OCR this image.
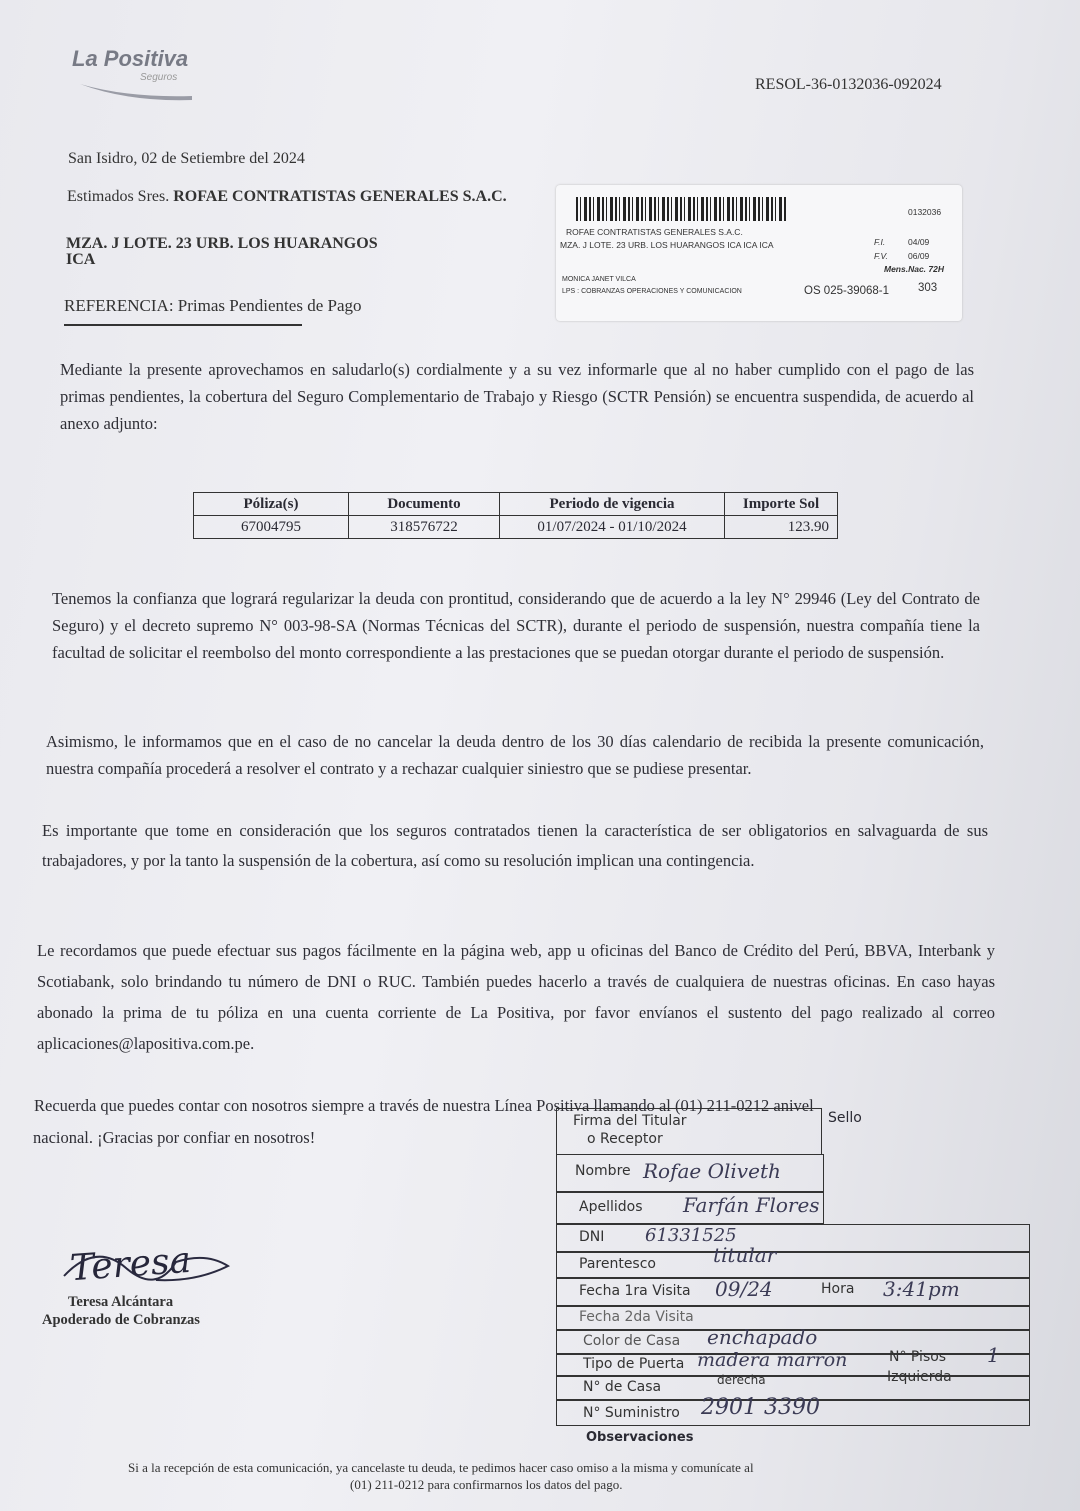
La Positiva
Seguros	RESOL-36-0132036-092024
San Isidro, 02 de Setiembre del 2024
Estimados Sres. ROFAE CONTRATISTAS GENERALES S.A.C.
MZA. J LOTE. 23 URB. LOS HUARANGOS
ICA
REFERENCIA: Primas Pendientes de Pago
0132036
ROFAE CONTRATISTAS GENERALES S.A.C.
MZA. J LOTE. 23 URB. LOS HUARANGOS ICA ICA ICA	F.I.	04/09
F.V. 06/09
Mens.Nac. 72H
MONICA JANET VILCA
LPS : COBRANZAS OPERACIONES Y COMUNICACION	OS 025-39068-1	303
Mediante la presente aprovechamos en saludarlo(s) cordialmente y a su vez informarle que al no haber cumplido con el pago de las primas pendientes, la cobertura del Seguro Complementario de Trabajo y Riesgo (SCTR Pensión) se encuentra suspendida, de acuerdo al anexo adjunto:
Póliza(s)	Documento	Periodo de vigencia	Importe Sol
67004795	318576722	01/07/2024 - 01/10/2024	123.90
Tenemos la confianza que logrará regularizar la deuda con prontitud, considerando que de acuerdo a la ley N° 29946 (Ley del Contrato de Seguro) y el decreto supremo N° 003-98-SA (Normas Técnicas del SCTR), durante el periodo de suspensión, nuestra compañía tiene la facultad de solicitar el reembolso del monto correspondiente a las prestaciones que se puedan otorgar durante el periodo de suspensión.
Asimismo, le informamos que en el caso de no cancelar la deuda dentro de los 30 días calendario de recibida la presente comunicación, nuestra compañía procederá a resolver el contrato y a rechazar cualquier siniestro que se pudiese presentar.
Es importante que tome en consideración que los seguros contratados tienen la característica de ser obligatorios en salvaguarda de sus trabajadores, y por la tanto la suspensión de la cobertura, así como su resolución implican una contingencia.
Le recordamos que puede efectuar sus pagos fácilmente en la página web, app u oficinas del Banco de Crédito del Perú, BBVA, Interbank y Scotiabank, solo brindando tu número de DNI o RUC. También puedes hacerlo a través de cualquiera de nuestras oficinas. En caso hayas abonado la prima de tu póliza en una cuenta corriente de La Positiva, por favor envíanos el sustento del pago realizado al correo aplicaciones@lapositiva.com.pe.
Recuerda que puedes contar con nosotros siempre a través de nuestra Línea Positiva llamando al (01) 211-0212 anivel
nacional. ¡Gracias por confiar en nosotros!
Teresa
Teresa Alcántara
Apoderado de Cobranzas
Firma del Titular
o Receptor
Sello
Nombre Rofae Oliveth
Apellidos Farfán Flores
DNI 61331525
Parentesco	titular
Fecha 1ra Visita 09/24	Hora 3:41pm
Fecha 2da Visita
Color de Casa enchapado
Tipo de Puerta madera marron	N° Pisos 1
N° de Casa	derecha	Izquierda
N° Suministro 2901 3390
Observaciones
Si a la recepción de esta comunicación, ya cancelaste tu deuda, te pedimos hacer caso omiso a la misma y comunícate al
(01) 211-0212 para confirmarnos los datos del pago.
